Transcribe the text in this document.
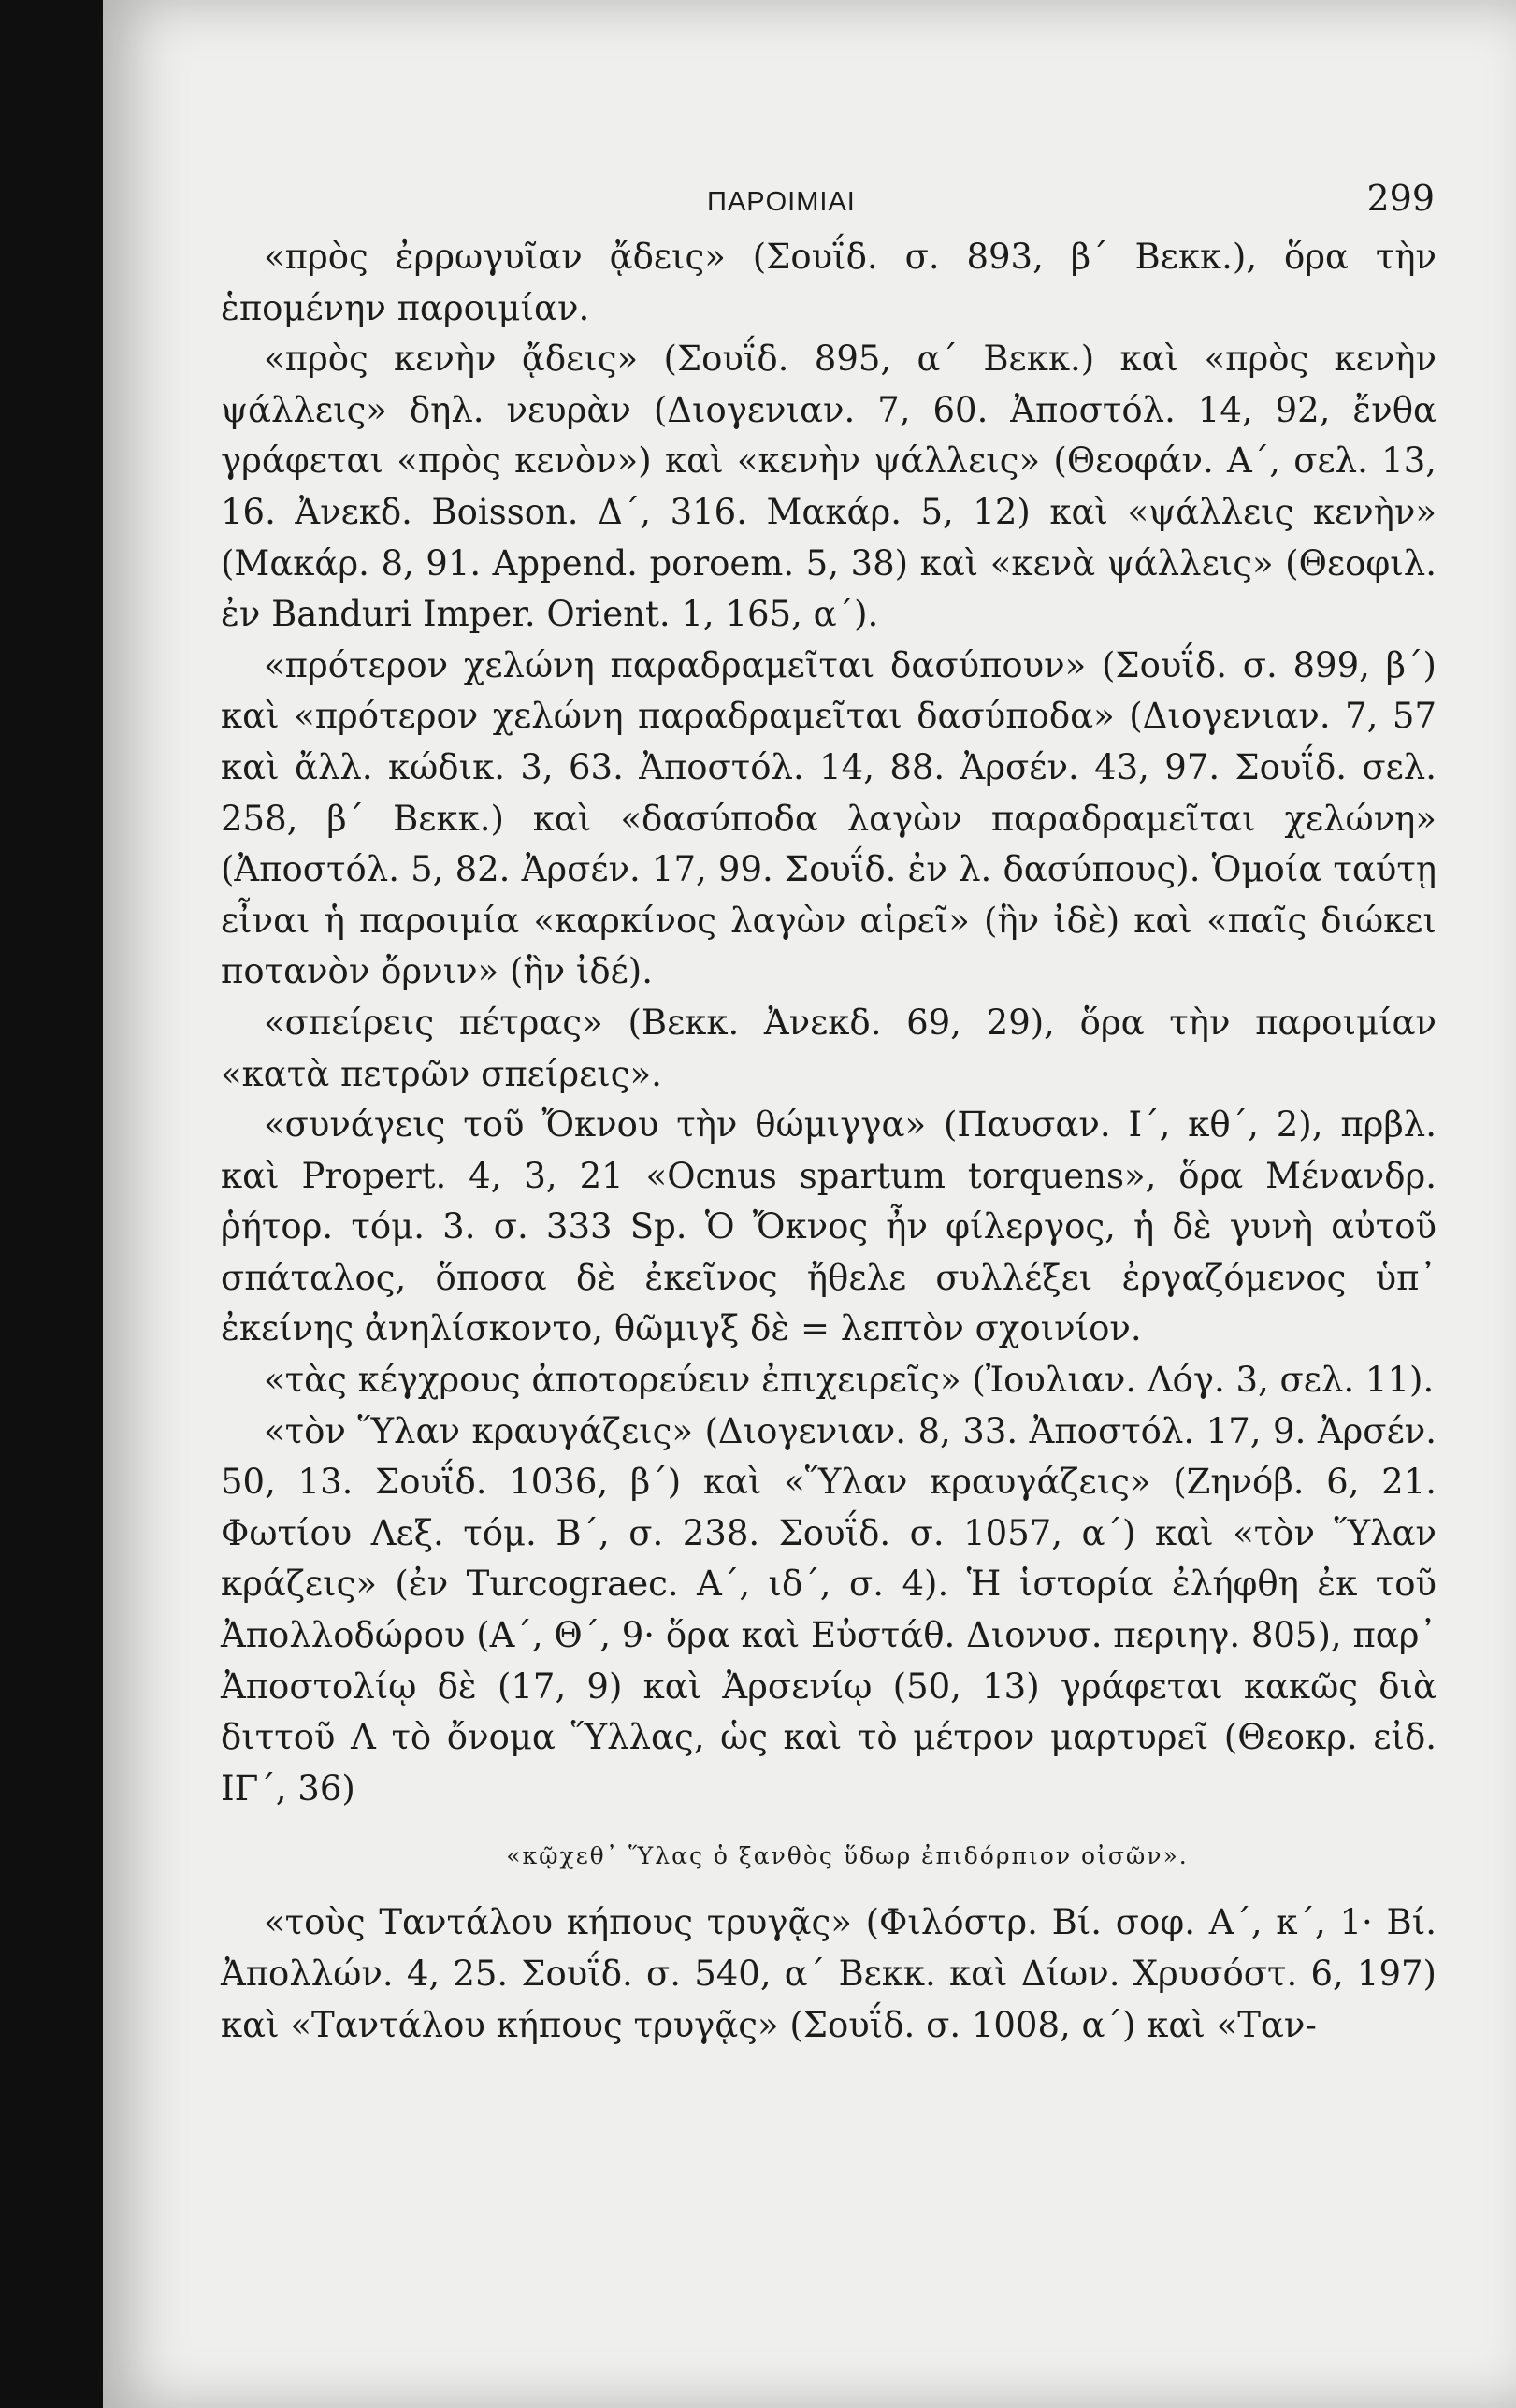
ΠΑΡΟΙΜΙΑΙ	299

«πρὸς ἐρρωγυῖαν ᾄδεις» (Σουΐδ. σ. 893, β΄ Βεκκ.), ὅρα τὴν ἑπομένην παροιμίαν.

«πρὸς κενὴν ᾄδεις» (Σουΐδ. 895, α΄ Βεκκ.) καὶ «πρὸς κενὴν ψάλλεις» δηλ. νευρὰν (Διογενιαν. 7, 60. Ἀποστόλ. 14, 92, ἔνθα γράφεται «πρὸς κενὸν») καὶ «κενὴν ψάλλεις» (Θεοφάν. Α΄, σελ. 13, 16. Ἀνεκδ. Boisson. Δ΄, 316. Μακάρ. 5, 12) καὶ «ψάλλεις κενὴν» (Μακάρ. 8, 91. Append. poroem. 5, 38) καὶ «κενὰ ψάλλεις» (Θεοφιλ. ἐν Banduri Imper. Orient. 1, 165, α΄).

«πρότερον χελώνη παραδραμεῖται δασύπουν» (Σουΐδ. σ. 899, β΄) καὶ «πρότερον χελώνη παραδραμεῖται δασύποδα» (Διογενιαν. 7, 57 καὶ ἄλλ. κώδικ. 3, 63. Ἀποστόλ. 14, 88. Ἀρσέν. 43, 97. Σουΐδ. σελ. 258, β΄ Βεκκ.) καὶ «δασύποδα λαγὼν παραδραμεῖται χελώνη» (Ἀποστόλ. 5, 82. Ἀρσέν. 17, 99. Σουΐδ. ἐν λ. δασύπους). Ὁμοία ταύτῃ εἶναι ἡ παροιμία «καρκίνος λαγὼν αἱρεῖ» (ἣν ἰδὲ) καὶ «παῖς διώκει ποτανὸν ὄρνιν» (ἣν ἰδέ).

«σπείρεις πέτρας» (Βεκκ. Ἀνεκδ. 69, 29), ὅρα τὴν παροιμίαν «κατὰ πετρῶν σπείρεις».

«συνάγεις τοῦ Ὄκνου τὴν θώμιγγα» (Παυσαν. Ι΄, κθ΄, 2), πρβλ. καὶ Propert. 4, 3, 21 «Ocnus spartum torquens», ὅρα Μένανδρ. ῥήτορ. τόμ. 3. σ. 333 Sp. Ὁ Ὄκνος ἦν φίλεργος, ἡ δὲ γυνὴ αὐτοῦ σπάταλος, ὅποσα δὲ ἐκεῖνος ἤθελε συλλέξει ἐργαζόμενος ὑπ᾽ ἐκείνης ἀνηλίσκοντο, θῶμιγξ δὲ = λεπτὸν σχοινίον.

«τὰς κέγχρους ἀποτορεύειν ἐπιχειρεῖς» (Ἰουλιαν. Λόγ. 3, σελ. 11).

«τὸν Ὕλαν κραυγάζεις» (Διογενιαν. 8, 33. Ἀποστόλ. 17, 9. Ἀρσέν. 50, 13. Σουΐδ. 1036, β΄) καὶ «Ὕλαν κραυγάζεις» (Ζηνόβ. 6, 21. Φωτίου Λεξ. τόμ. Β΄, σ. 238. Σουΐδ. σ. 1057, α΄) καὶ «τὸν Ὕλαν κράζεις» (ἐν Turcograec. Α΄, ιδ΄, σ. 4). Ἡ ἱστορία ἐλήφθη ἐκ τοῦ Ἀπολλοδώρου (Α΄, Θ΄, 9· ὅρα καὶ Εὐστάθ. Διονυσ. περιηγ. 805), παρ᾽ Ἀποστολίῳ δὲ (17, 9) καὶ Ἀρσενίῳ (50, 13) γράφεται κακῶς διὰ διττοῦ Λ τὸ ὄνομα Ὕλλας, ὡς καὶ τὸ μέτρον μαρτυρεῖ (Θεοκρ. εἰδ. ΙΓ΄, 36)

«κῷχεθ᾽ Ὕλας ὁ ξανθὸς ὕδωρ ἐπιδόρπιον οἰσῶν».

«τοὺς Ταντάλου κήπους τρυγᾷς» (Φιλόστρ. Βί. σοφ. Α΄, κ΄, 1· Βί. Ἀπολλών. 4, 25. Σουΐδ. σ. 540, α΄ Βεκκ. καὶ Δίων. Χρυσόστ. 6, 197) καὶ «Ταντάλου κήπους τρυγᾷς» (Σουΐδ. σ. 1008, α΄) καὶ «Ταν-
